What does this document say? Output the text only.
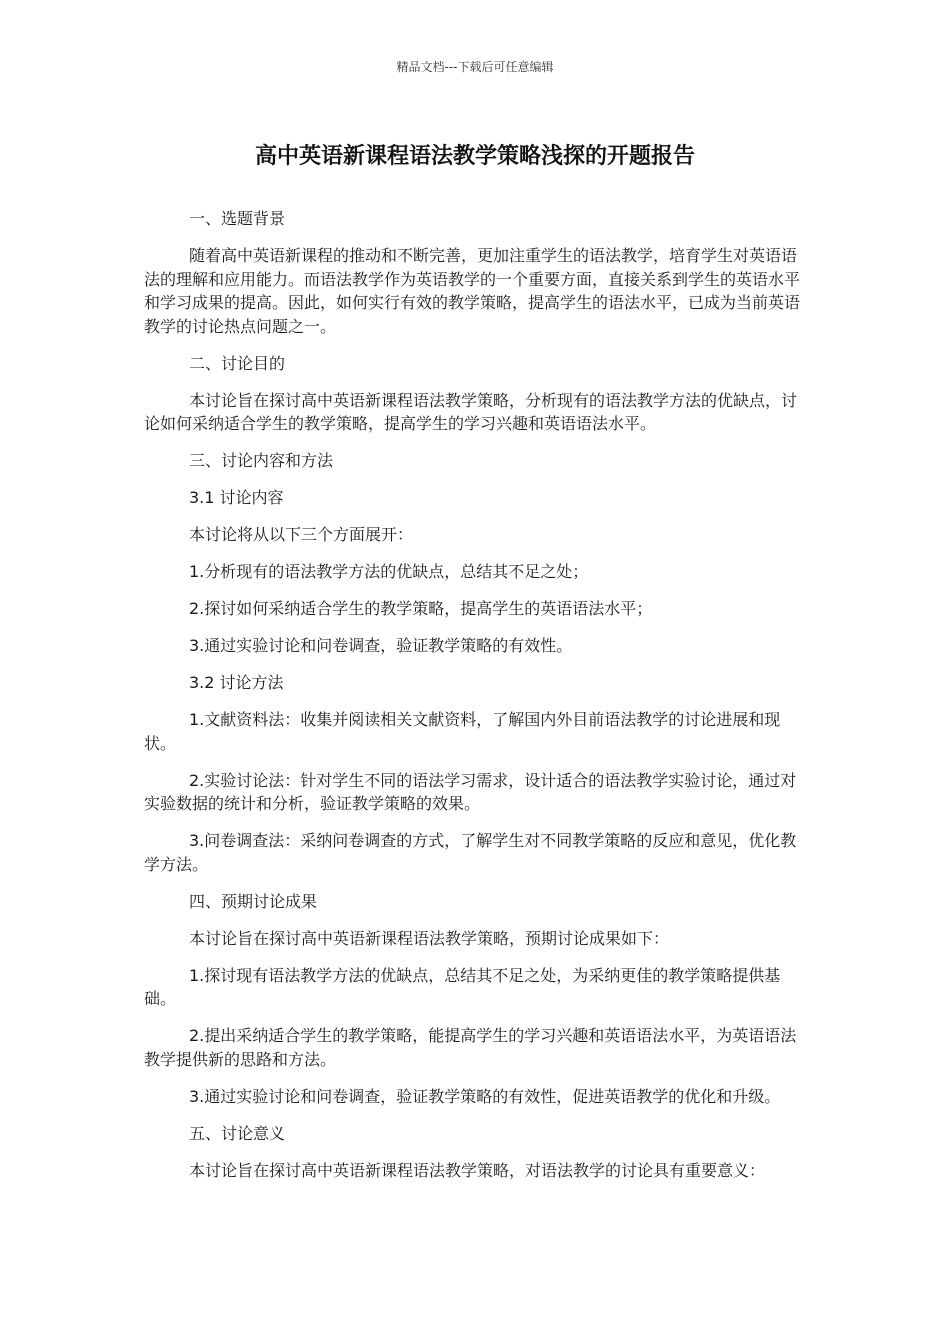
精品文档---下载后可任意编辑
高中英语新课程语法教学策略浅探的开题报告

一、选题背景

随着高中英语新课程的推动和不断完善，更加注重学生的语法教学，培育学生对英语语法的理解和应用能力。而语法教学作为英语教学的一个重要方面，直接关系到学生的英语水平和学习成果的提高。因此，如何实行有效的教学策略，提高学生的语法水平，已成为当前英语教学的讨论热点问题之一。

二、讨论目的

本讨论旨在探讨高中英语新课程语法教学策略，分析现有的语法教学方法的优缺点，讨论如何采纳适合学生的教学策略，提高学生的学习兴趣和英语语法水平。

三、讨论内容和方法

3.1 讨论内容

本讨论将从以下三个方面展开：

1.分析现有的语法教学方法的优缺点，总结其不足之处；

2.探讨如何采纳适合学生的教学策略，提高学生的英语语法水平；

3.通过实验讨论和问卷调查，验证教学策略的有效性。

3.2 讨论方法

1.文献资料法：收集并阅读相关文献资料，了解国内外目前语法教学的讨论进展和现状。

2.实验讨论法：针对学生不同的语法学习需求，设计适合的语法教学实验讨论，通过对实验数据的统计和分析，验证教学策略的效果。

3.问卷调查法：采纳问卷调查的方式，了解学生对不同教学策略的反应和意见，优化教学方法。

四、预期讨论成果

本讨论旨在探讨高中英语新课程语法教学策略，预期讨论成果如下：

1.探讨现有语法教学方法的优缺点，总结其不足之处，为采纳更佳的教学策略提供基础。

2.提出采纳适合学生的教学策略，能提高学生的学习兴趣和英语语法水平，为英语语法教学提供新的思路和方法。

3.通过实验讨论和问卷调查，验证教学策略的有效性，促进英语教学的优化和升级。

五、讨论意义

本讨论旨在探讨高中英语新课程语法教学策略，对语法教学的讨论具有重要意义：
